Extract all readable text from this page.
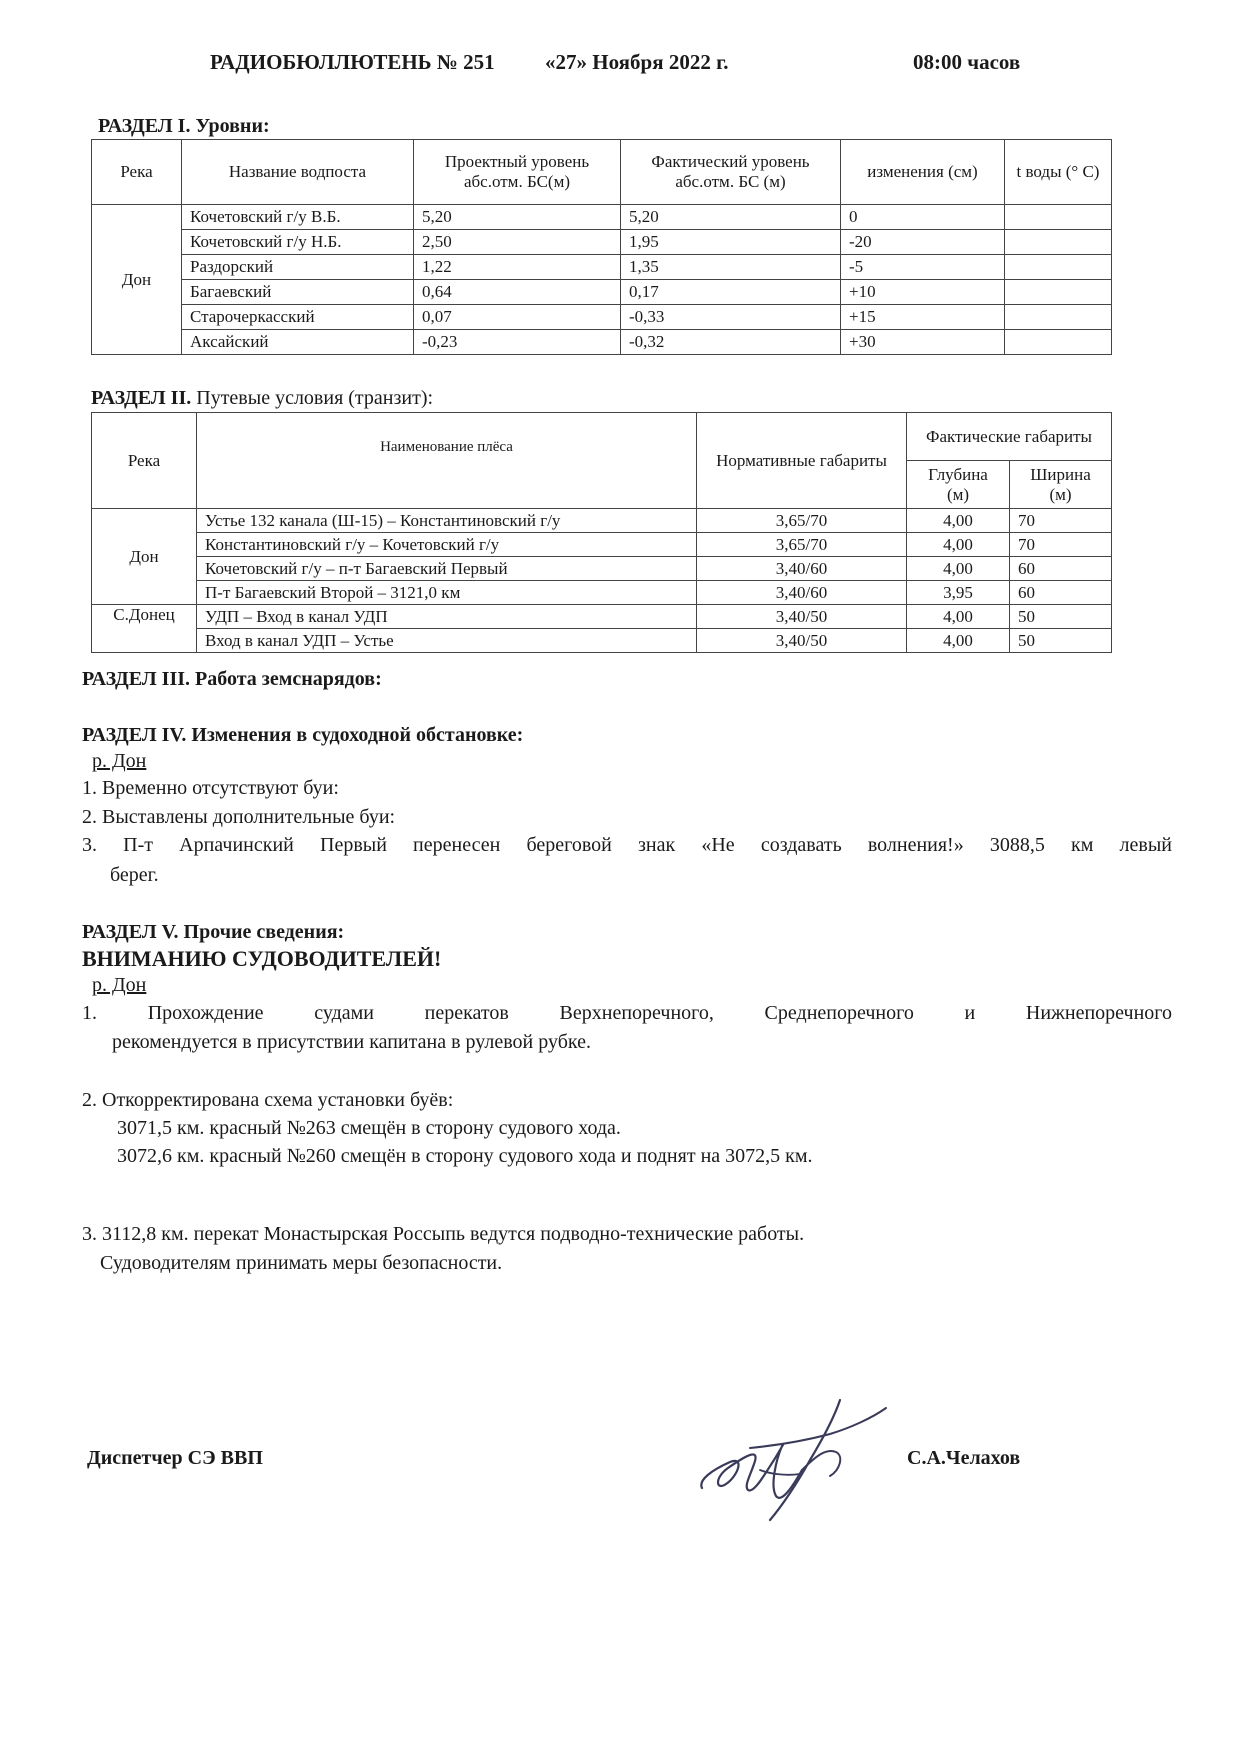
РАДИОБЮЛЛЮТЕНЬ № 251 «27» Ноября 2022 г.	08:00 часов
РАЗДЕЛ I. Уровни:
Река	Название водпоста	Проектный уровень абс.отм. БС(м)	Фактический уровень абс.отм. БС (м)	изменения (см)	t воды (° С)
Дон	Кочетовский г/у В.Б.	5,20	5,20	0	
	Кочетовский г/у Н.Б.	2,50	1,95	-20	
	Раздорский	1,22	1,35	-5	
	Багаевский	0,64	0,17	+10	
	Старочеркасский	0,07	-0,33	+15	
	Аксайский	-0,23	-0,32	+30	
РАЗДЕЛ II. Путевые условия (транзит):
Река	Наименование плёса	Нормативные габариты	Фактические габариты	
			Глубина (м)	Ширина (м)
Дон	Устье 132 канала (Ш-15) – Константиновский г/у	3,65/70	4,00	70
	Константиновский г/у – Кочетовский г/у	3,65/70	4,00	70
	Кочетовский г/у – п-т Багаевский Первый	3,40/60	4,00	60
	П-т Багаевский Второй – 3121,0 км	3,40/60	3,95	60
С.Донец	УДП – Вход в канал УДП	3,40/50	4,00	50
	Вход в канал УДП – Устье	3,40/50	4,00	50
РАЗДЕЛ III. Работа земснарядов:
РАЗДЕЛ IV. Изменения в судоходной обстановке:
р. Дон
1. Временно отсутствуют буи:
2. Выставлены дополнительные буи:
3. П-т Арпачинский Первый перенесен береговой знак «Не создавать волнения!» 3088,5 км левый
берег.
РАЗДЕЛ V. Прочие сведения:
ВНИМАНИЮ СУДОВОДИТЕЛЕЙ!
р. Дон
1. Прохождение судами перекатов Верхнепоречного, Среднепоречного и Нижнепоречного
рекомендуется в присутствии капитана в рулевой рубке.
2. Откорректирована схема установки буёв:
3071,5 км. красный №263 смещён в сторону судового хода.
3072,6 км. красный №260 смещён в сторону судового хода и поднят на 3072,5 км.
3. 3112,8 км. перекат Монастырская Россыпь ведутся подводно-технические работы.
Судоводителям принимать меры безопасности.
Диспетчер СЭ ВВП	С.А.Челахов
